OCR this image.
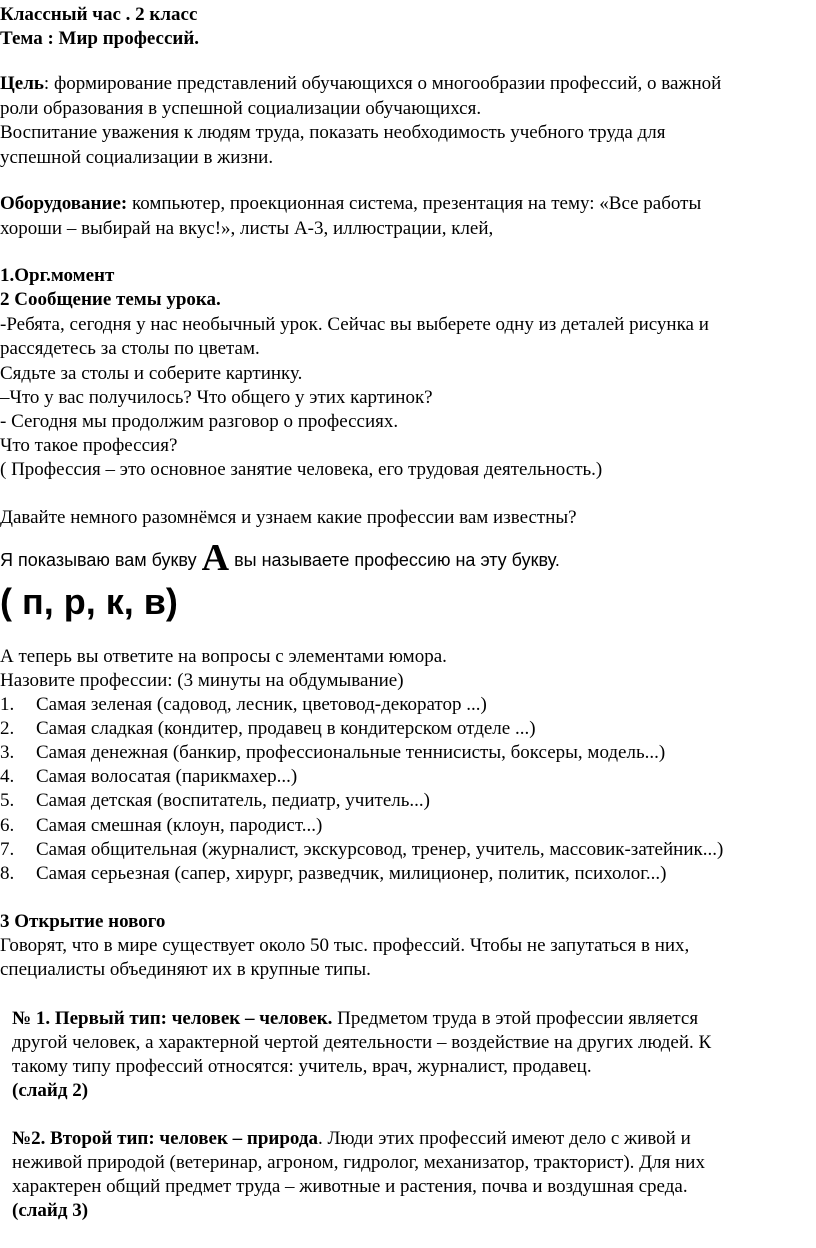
Классный час . 2 класс
Тема : Мир профессий.
Цель: формирование представлений обучающихся о многообразии профессий, о важной
роли образования в успешной социализации обучающихся.
Воспитание уважения к людям труда, показать необходимость учебного труда для
успешной социализации в жизни.
Оборудование: компьютер, проекционная система, презентация на тему: «Все работы
хороши – выбирай на вкус!», листы А-3, иллюстрации, клей,
1.Орг.момент
2 Сообщение темы урока.
-Ребята, сегодня у нас необычный урок. Сейчас вы выберете одну из деталей рисунка и
рассядетесь за столы по цветам.
Сядьте за столы и соберите картинку.
–Что у вас получилось? Что общего у этих картинок?
- Сегодня мы продолжим разговор о профессиях.
Что такое профессия?
( Профессия – это основное занятие человека, его трудовая деятельность.)
Давайте немного разомнёмся и узнаем какие профессии вам известны?
Я показываю вам букву А вы называете профессию на эту букву.
( п, р, к, в)
А теперь вы ответите на вопросы с элементами юмора.
Назовите профессии: (3 минуты на обдумывание)
1.	Самая зеленая (садовод, лесник, цветовод-декоратор ...)
2.	Самая сладкая (кондитер, продавец в кондитерском отделе ...)
3.	Самая денежная (банкир, профессиональные теннисисты, боксеры, модель...)
4.	Самая волосатая (парикмахер...)
5.	Самая детская (воспитатель, педиатр, учитель...)
6.	Самая смешная (клоун, пародист...)
7.	Самая общительная (журналист, экскурсовод, тренер, учитель, массовик-затейник...)
8.	Самая серьезная (сапер, хирург, разведчик, милиционер, политик, психолог...)
3 Открытие нового
Говорят, что в мире существует около 50 тыс. профессий. Чтобы не запутаться в них,
специалисты объединяют их в крупные типы.
№ 1. Первый тип: человек – человек. Предметом труда в этой профессии является
другой человек, а характерной чертой деятельности – воздействие на других людей. К
такому типу профессий относятся: учитель, врач, журналист, продавец.
(слайд 2)
№2. Второй тип: человек – природа. Люди этих профессий имеют дело с живой и
неживой природой (ветеринар, агроном, гидролог, механизатор, тракторист). Для них
характерен общий предмет труда – животные и растения, почва и воздушная среда.
(слайд 3)
